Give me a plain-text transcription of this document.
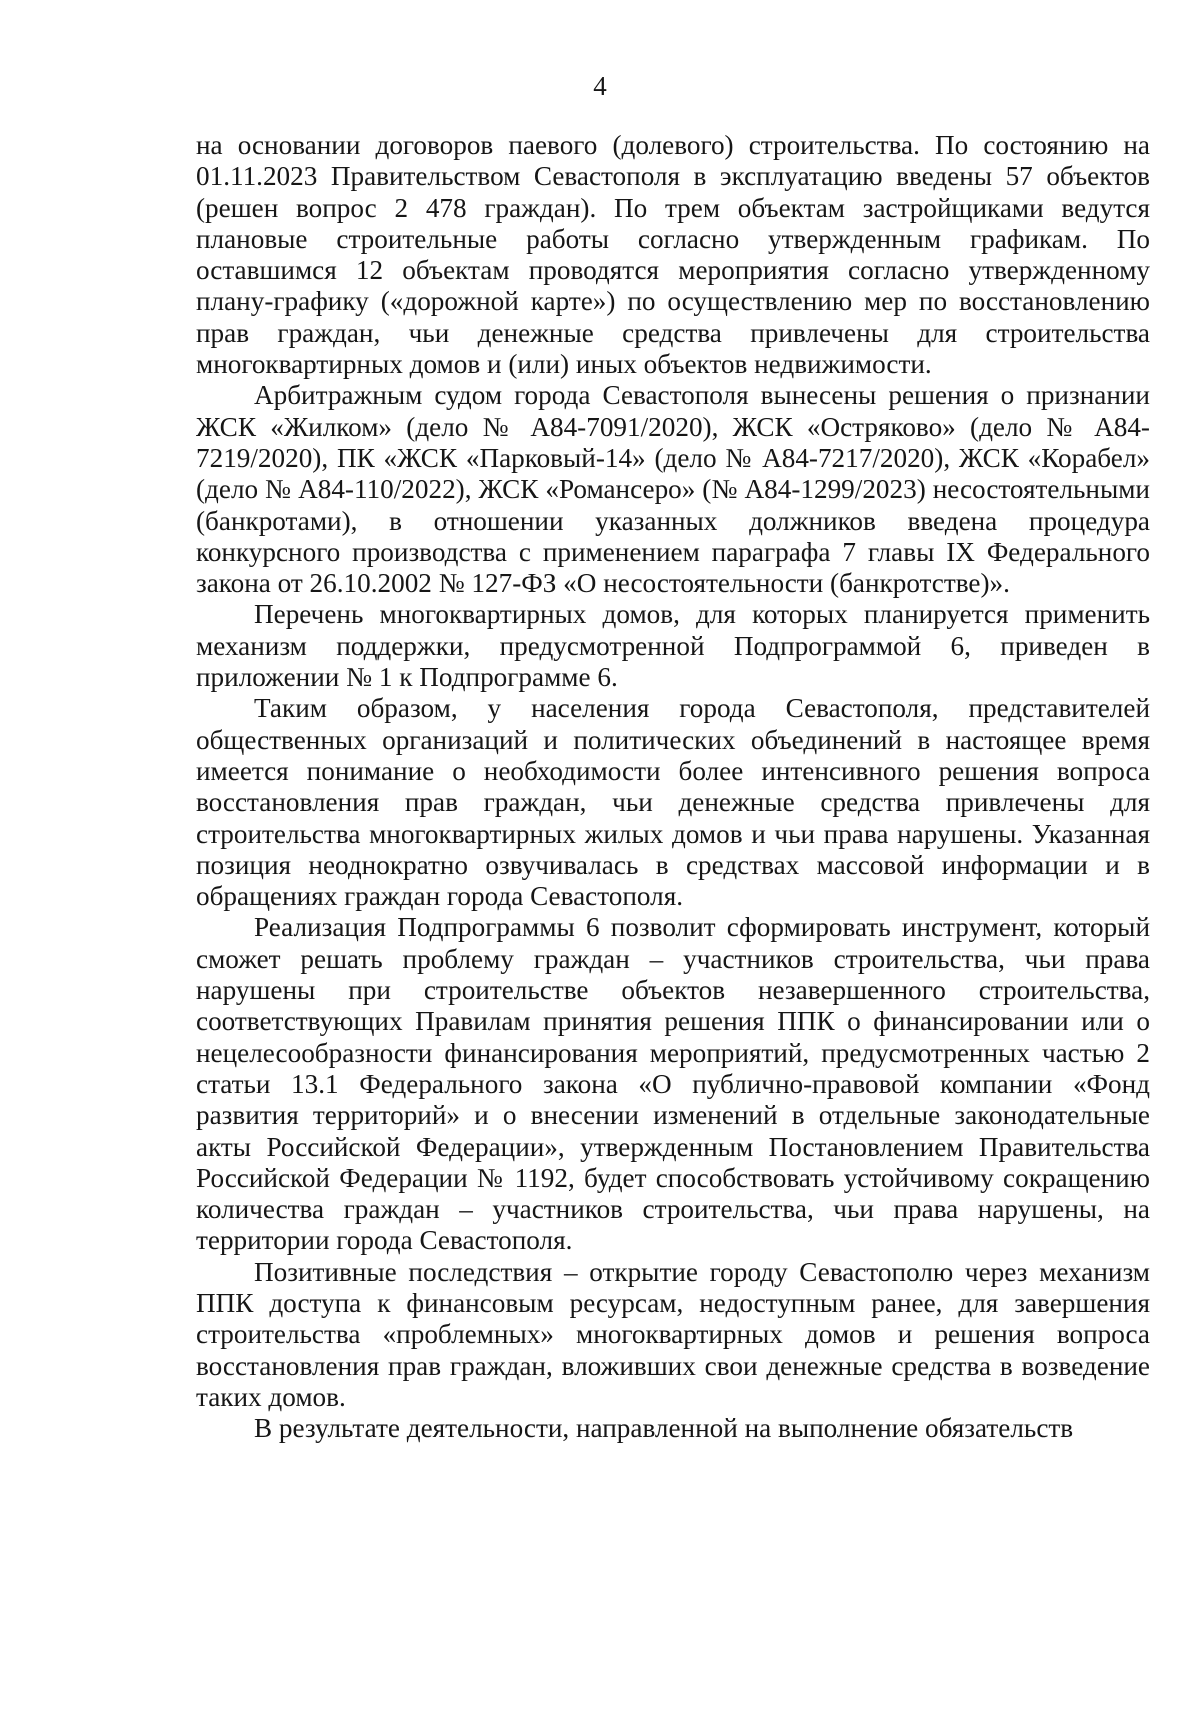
4

на основании договоров паевого (долевого) строительства. По состоянию на 01.11.2023 Правительством Севастополя в эксплуатацию введены 57 объектов (решен вопрос 2 478 граждан). По трем объектам застройщиками ведутся плановые строительные работы согласно утвержденным графикам. По оставшимся 12 объектам проводятся мероприятия согласно утвержденному плану-графику («дорожной карте») по осуществлению мер по восстановлению прав граждан, чьи денежные средства привлечены для строительства многоквартирных домов и (или) иных объектов недвижимости.

Арбитражным судом города Севастополя вынесены решения о признании ЖСК «Жилком» (дело № А84-7091/2020), ЖСК «Остряково» (дело № А84-7219/2020), ПК «ЖСК «Парковый-14» (дело № А84-7217/2020), ЖСК «Корабел» (дело № А84-110/2022), ЖСК «Романсеро» (№ А84-1299/2023) несостоятельными (банкротами), в отношении указанных должников введена процедура конкурсного производства с применением параграфа 7 главы IX Федерального закона от 26.10.2002 № 127-ФЗ «О несостоятельности (банкротстве)».

Перечень многоквартирных домов, для которых планируется применить механизм поддержки, предусмотренной Подпрограммой 6, приведен в приложении № 1 к Подпрограмме 6.

Таким образом, у населения города Севастополя, представителей общественных организаций и политических объединений в настоящее время имеется понимание о необходимости более интенсивного решения вопроса восстановления прав граждан, чьи денежные средства привлечены для строительства многоквартирных жилых домов и чьи права нарушены. Указанная позиция неоднократно озвучивалась в средствах массовой информации и в обращениях граждан города Севастополя.

Реализация Подпрограммы 6 позволит сформировать инструмент, который сможет решать проблему граждан – участников строительства, чьи права нарушены при строительстве объектов незавершенного строительства, соответствующих Правилам принятия решения ППК о финансировании или о нецелесообразности финансирования мероприятий, предусмотренных частью 2 статьи 13.1 Федерального закона «О публично-правовой компании «Фонд развития территорий» и о внесении изменений в отдельные законодательные акты Российской Федерации», утвержденным Постановлением Правительства Российской Федерации № 1192, будет способствовать устойчивому сокращению количества граждан – участников строительства, чьи права нарушены, на территории города Севастополя.

Позитивные последствия – открытие городу Севастополю через механизм ППК доступа к финансовым ресурсам, недоступным ранее, для завершения строительства «проблемных» многоквартирных домов и решения вопроса восстановления прав граждан, вложивших свои денежные средства в возведение таких домов.

В результате деятельности, направленной на выполнение обязательств
